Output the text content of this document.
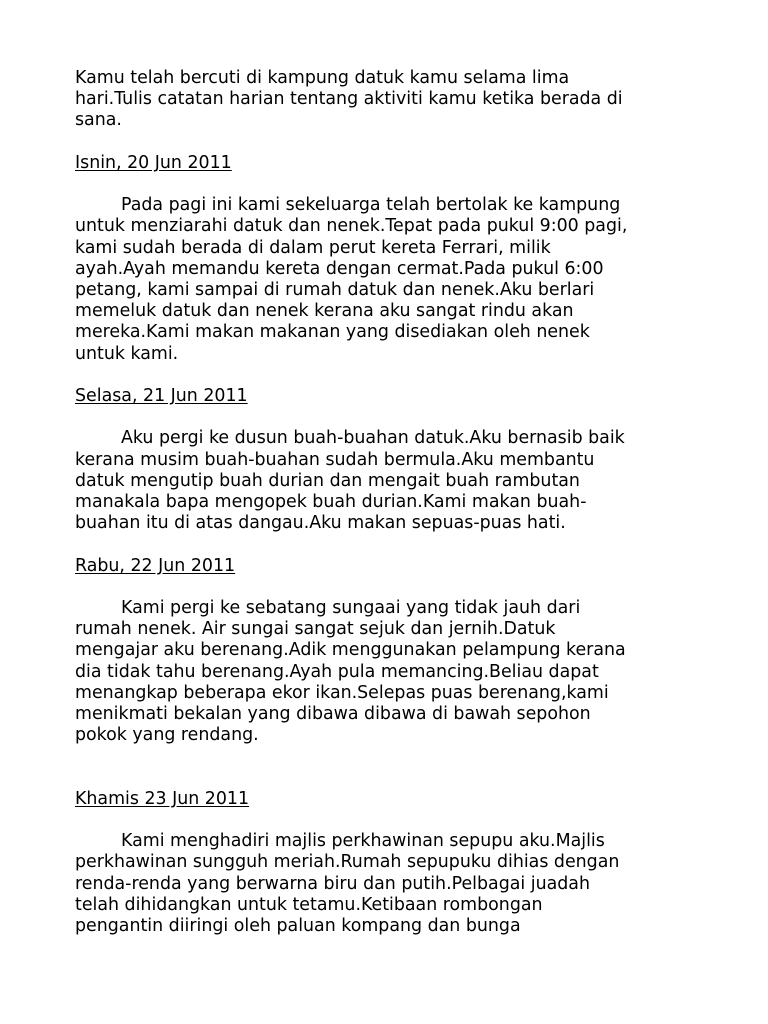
Kamu telah bercuti di kampung datuk kamu selama lima
hari.Tulis catatan harian tentang aktiviti kamu ketika berada di
sana.
Isnin, 20 Jun 2011
Pada pagi ini kami sekeluarga telah bertolak ke kampung
untuk menziarahi datuk dan nenek.Tepat pada pukul 9:00 pagi,
kami sudah berada di dalam perut kereta Ferrari, milik
ayah.Ayah memandu kereta dengan cermat.Pada pukul 6:00
petang, kami sampai di rumah datuk dan nenek.Aku berlari
memeluk datuk dan nenek kerana aku sangat rindu akan
mereka.Kami makan makanan yang disediakan oleh nenek
untuk kami.
Selasa, 21 Jun 2011
Aku pergi ke dusun buah-buahan datuk.Aku bernasib baik
kerana musim buah-buahan sudah bermula.Aku membantu
datuk mengutip buah durian dan mengait buah rambutan
manakala bapa mengopek buah durian.Kami makan buah-
buahan itu di atas dangau.Aku makan sepuas-puas hati.
Rabu, 22 Jun 2011
Kami pergi ke sebatang sungaai yang tidak jauh dari
rumah nenek. Air sungai sangat sejuk dan jernih.Datuk
mengajar aku berenang.Adik menggunakan pelampung kerana
dia tidak tahu berenang.Ayah pula memancing.Beliau dapat
menangkap beberapa ekor ikan.Selepas puas berenang,kami
menikmati bekalan yang dibawa dibawa di bawah sepohon
pokok yang rendang.
Khamis 23 Jun 2011
Kami menghadiri majlis perkhawinan sepupu aku.Majlis
perkhawinan sungguh meriah.Rumah sepupuku dihias dengan
renda-renda yang berwarna biru dan putih.Pelbagai juadah
telah dihidangkan untuk tetamu.Ketibaan rombongan
pengantin diiringi oleh paluan kompang dan bunga
